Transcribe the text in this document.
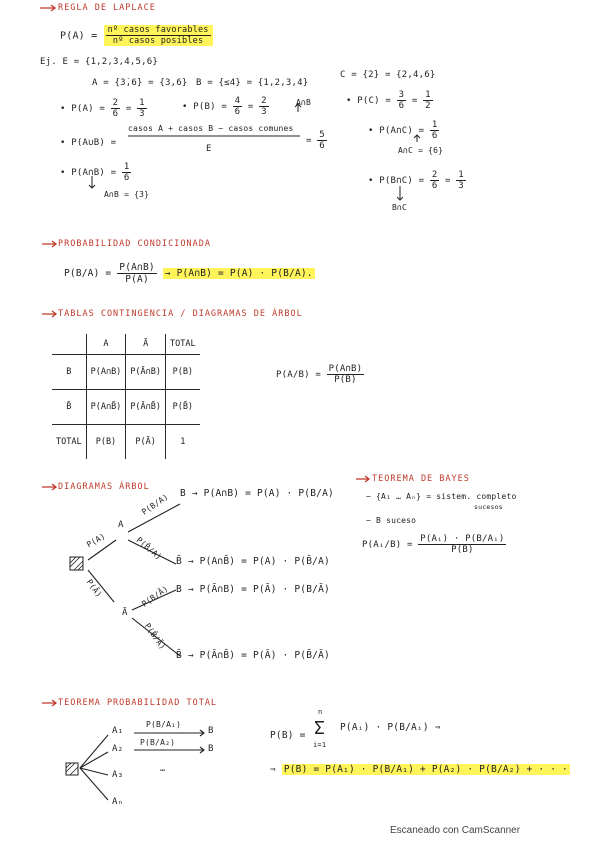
REGLA DE LAPLACE
$P(A) = \frac{\text{nº casos favorables}}{\text{nº casos posibles}}$
Ej. E = {1,2,3,4,5,6}
A = {3̇,6̇} = {3,6} B = {≤4} = {1,2,3,4}
C = {2̇} = {2,4,6}
• $P(A) = \frac{2}{6} = \frac{1}{3}$	• $P(B) = \frac{4}{6} = \frac{2}{3}$	A∩B	• $P(C) = \frac{3}{6} = \frac{1}{2}$
• P(A∪B) =
casos A + casos B − casos comunes
E
= $\frac{5}{6}$	• P(A∩C) = $\frac{1}{6}$
A∩C = {6}
• P(A∩B) = $\frac{1}{6}$
A∩B = {3}
• P(B∩C) = $\frac{2}{6} = \frac{1}{3}$
B∩C
PROBABILIDAD CONDICIONADA
$P(B/A) = \frac{P(A\cap B)}{P(A)}$ → P(A∩B) = P(A) · P(B/A).
TABLAS CONTINGENCIA / DIAGRAMAS DE ÁRBOL
	A	Ā	TOTAL
B	P(A∩B)	P(Ā∩B)	P(B)
B̄	P(A∩B̄)	P(Ā∩B̄)	P(B̄)
TOTAL	P(B)	P(Ā)	1
$P(A/B) = \frac{P(A\cap B)}{P(B)}$
DIAGRAMAS ÁRBOL
P(A)
P(Ā)
A
Ā
P(B/A)
P(B̄/A)
P(B/Ā)
P(B̄/Ā)
B → P(A∩B) = P(A) · P(B/A)
B̄ → P(A∩B̄) = P(A) · P(B̄/A)
B → P(Ā∩B) = P(Ā) · P(B/Ā)
B̄ → P(Ā∩B̄) = P(Ā) · P(B̄/Ā)
TEOREMA DE BAYES
− {A₁ … Aₙ} = sistem. completo
sucesos
− B suceso
P(Aᵢ/B) = $\frac{\text{P(Aᵢ) · P(B/Aᵢ)}}{P(B)}$
TEOREMA PROBABILIDAD TOTAL
P(B/A₁)
P(B/A₂)
A₁
A₂
A₃
Aₙ
B
B
⋯
P(B) =
n
Σ
i=1
P(Aᵢ) · P(B/Aᵢ) ⇒
⇒ P(B) = P(A₁) · P(B/A₁) + P(A₂) · P(B/A₂) + · · ·
Escaneado con CamScanner
